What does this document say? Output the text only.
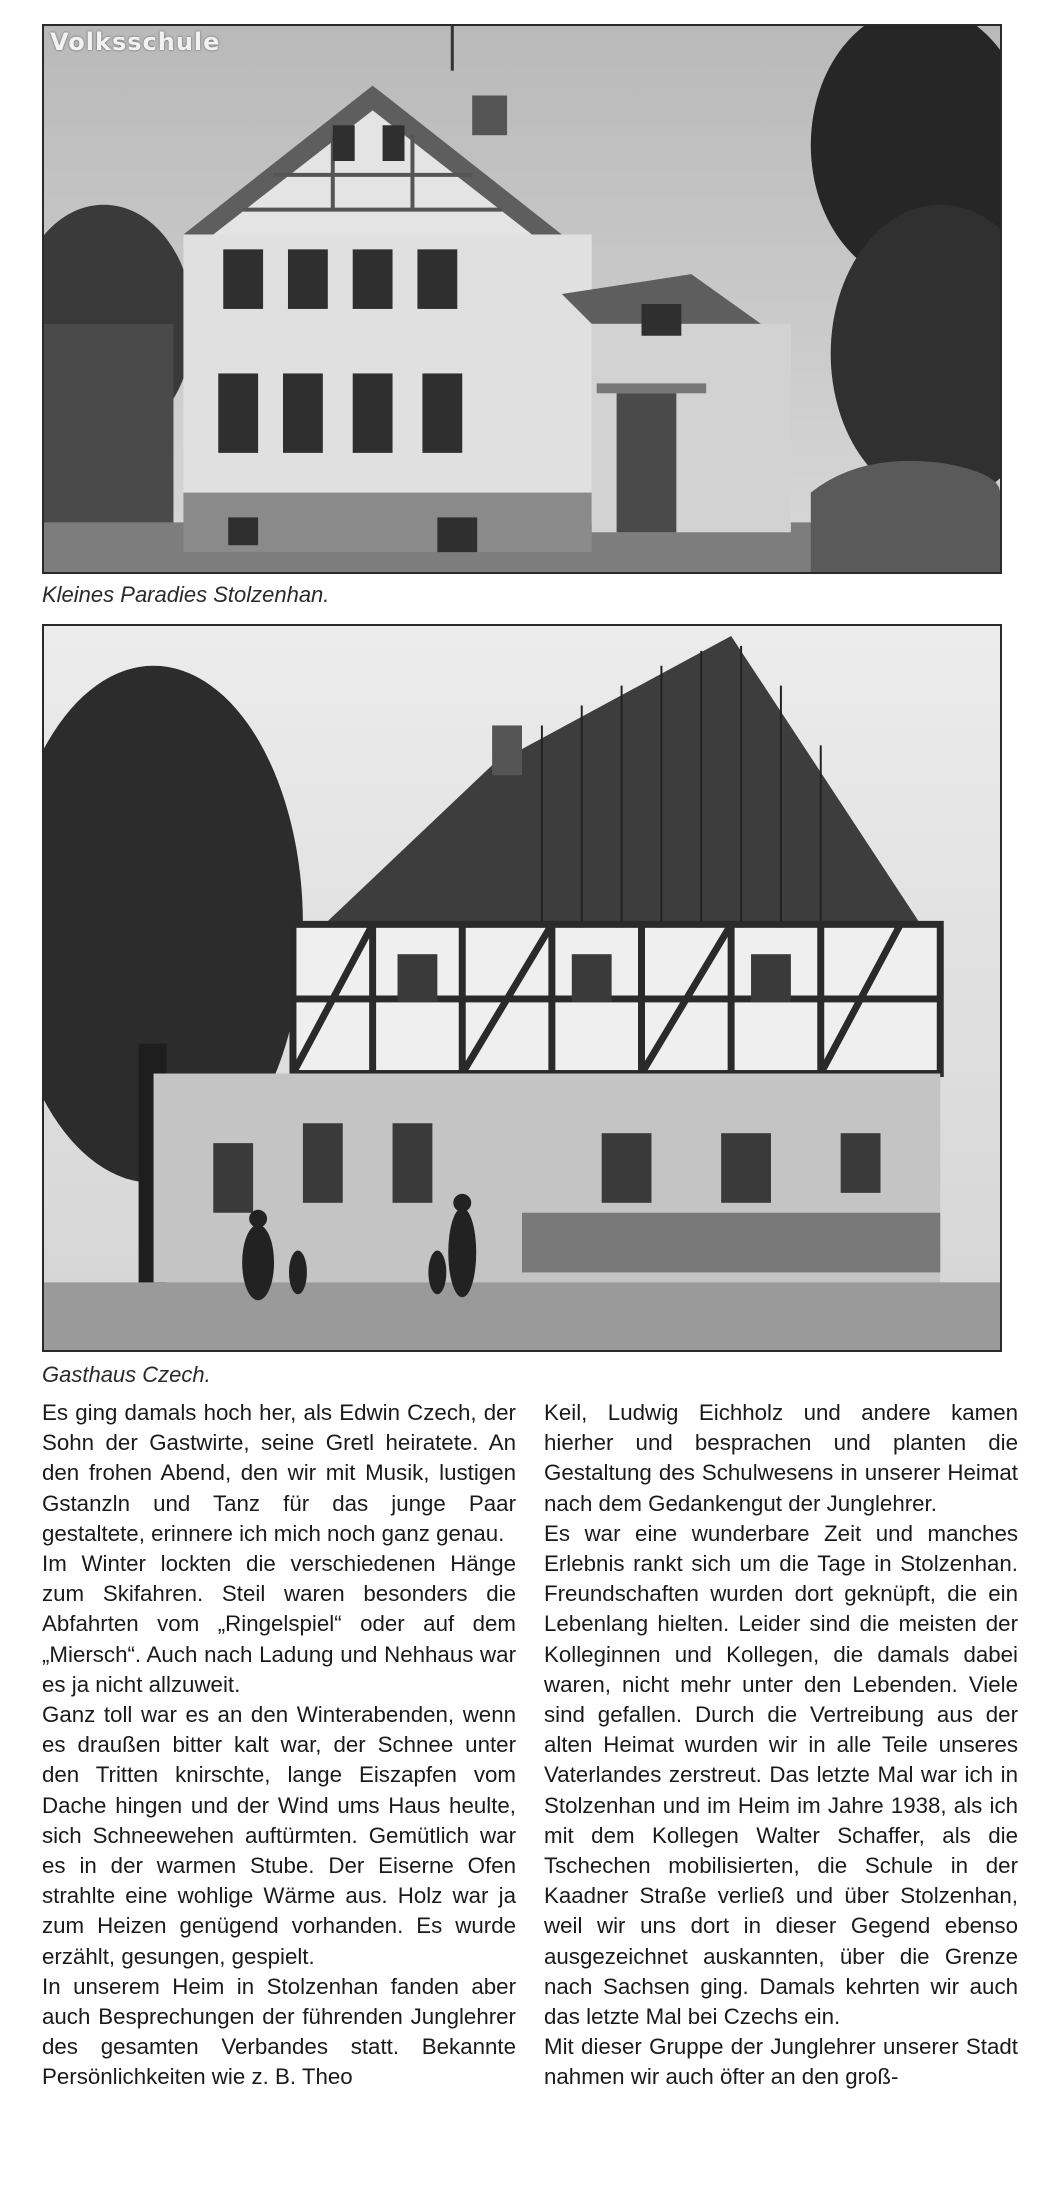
Volksschule
Kleines Paradies Stolzenhan.
Gasthaus Czech.

Es ging damals hoch her, als Edwin Czech, der Sohn der Gastwirte, seine Gretl heiratete. An den frohen Abend, den wir mit Musik, lustigen Gstanzln und Tanz für das junge Paar gestaltete, erinnere ich mich noch ganz genau.

Im Winter lockten die verschiedenen Hänge zum Skifahren. Steil waren besonders die Abfahrten vom „Ringelspiel“ oder auf dem „Miersch“. Auch nach Ladung und Nehhaus war es ja nicht allzuweit.

Ganz toll war es an den Winterabenden, wenn es draußen bitter kalt war, der Schnee unter den Tritten knirschte, lange Eiszapfen vom Dache hingen und der Wind ums Haus heulte, sich Schneewehen auftürmten. Gemütlich war es in der warmen Stube. Der Eiserne Ofen strahlte eine wohlige Wärme aus. Holz war ja zum Heizen genügend vorhanden. Es wurde erzählt, gesungen, gespielt.

In unserem Heim in Stolzenhan fanden aber auch Besprechungen der führenden Junglehrer des gesamten Verbandes statt. Bekannte Persönlichkeiten wie z. B. Theo

Keil, Ludwig Eichholz und andere kamen hierher und besprachen und planten die Gestaltung des Schulwesens in unserer Heimat nach dem Gedankengut der Junglehrer.

Es war eine wunderbare Zeit und manches Erlebnis rankt sich um die Tage in Stolzenhan. Freundschaften wurden dort geknüpft, die ein Lebenlang hielten. Leider sind die meisten der Kolleginnen und Kollegen, die damals dabei waren, nicht mehr unter den Lebenden. Viele sind gefallen. Durch die Vertreibung aus der alten Heimat wurden wir in alle Teile unseres Vaterlandes zerstreut. Das letzte Mal war ich in Stolzenhan und im Heim im Jahre 1938, als ich mit dem Kollegen Walter Schaffer, als die Tschechen mobilisierten, die Schule in der Kaadner Straße verließ und über Stolzenhan, weil wir uns dort in dieser Gegend ebenso ausgezeichnet auskannten, über die Grenze nach Sachsen ging. Damals kehrten wir auch das letzte Mal bei Czechs ein.

Mit dieser Gruppe der Junglehrer unserer Stadt nahmen wir auch öfter an den groß-
